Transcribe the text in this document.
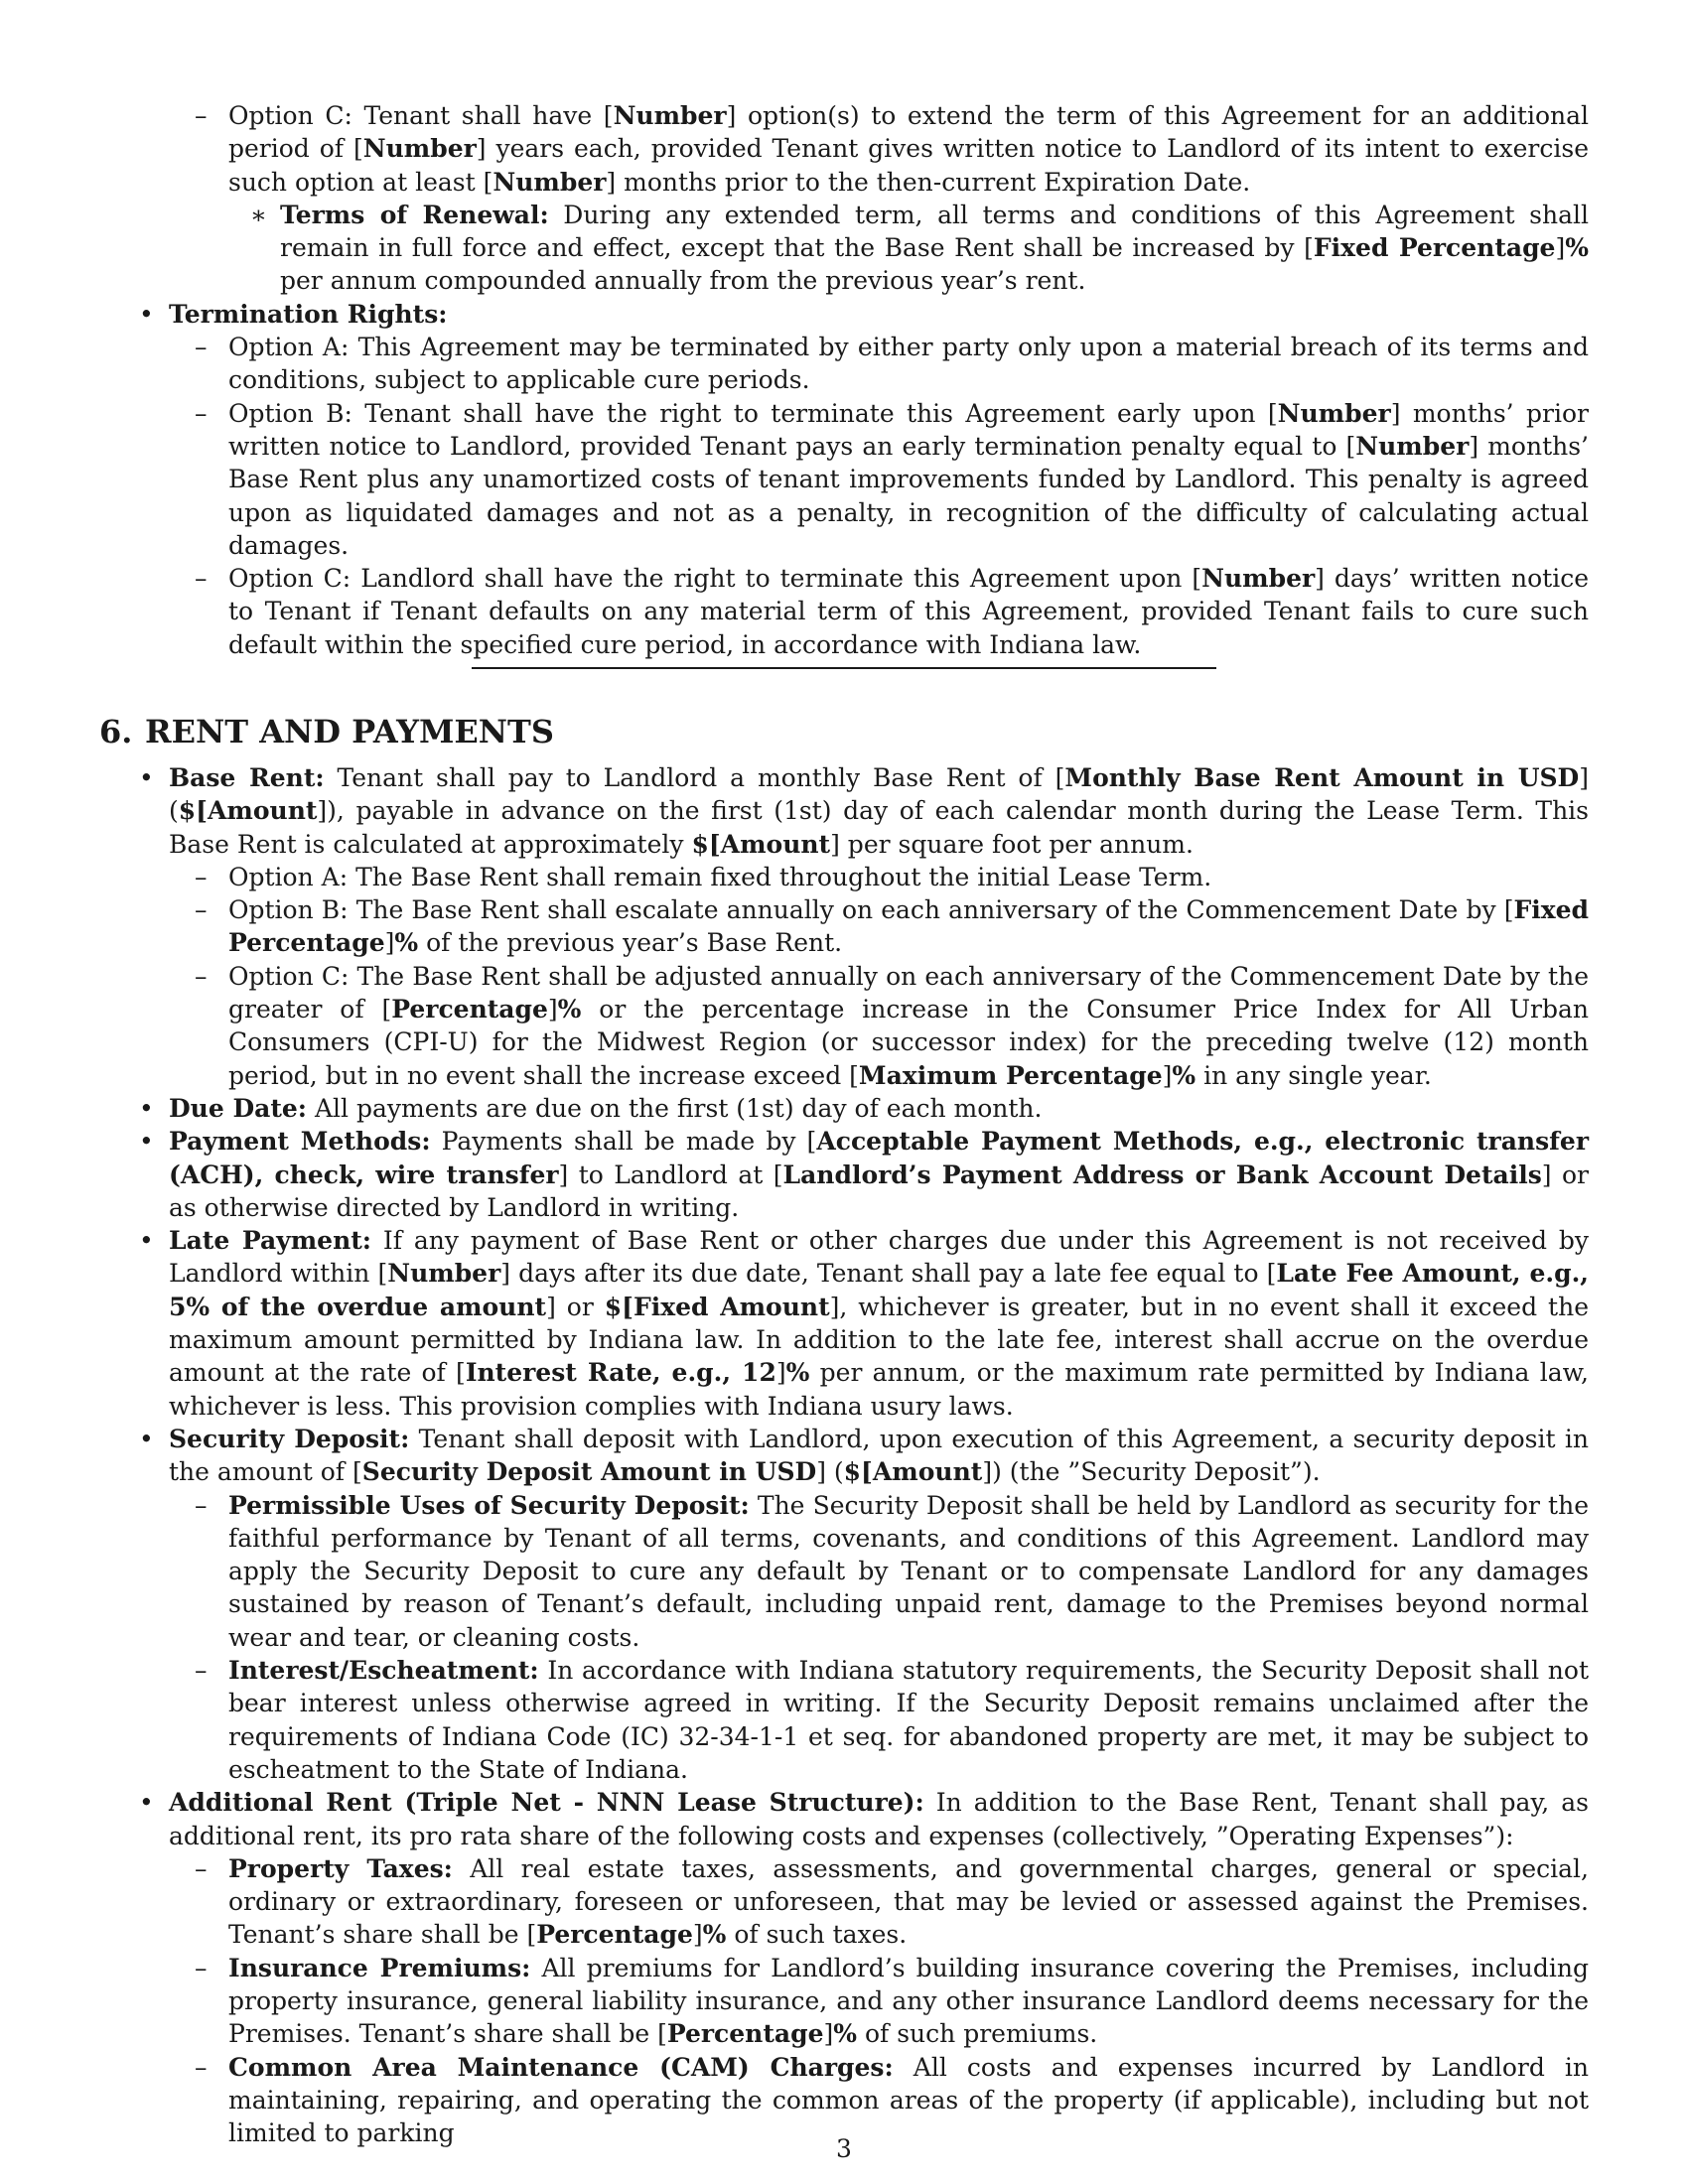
– Option C: Tenant shall have [Number] option(s) to extend the term of this Agreement for an additional period of [Number] years each, provided Tenant gives written notice to Landlord of its intent to exercise such option at least [Number] months prior to the then-current Expiration Date.
∗ Terms of Renewal: During any extended term, all terms and conditions of this Agreement shall remain in full force and effect, except that the Base Rent shall be increased by [Fixed Percentage]% per annum compounded annually from the previous year’s rent.
• Termination Rights:
– Option A: This Agreement may be terminated by either party only upon a material breach of its terms and conditions, subject to applicable cure periods.
– Option B: Tenant shall have the right to terminate this Agreement early upon [Number] months’ prior written notice to Landlord, provided Tenant pays an early termination penalty equal to [Number] months’ Base Rent plus any unamortized costs of tenant improvements funded by Landlord. This penalty is agreed upon as liquidated damages and not as a penalty, in recognition of the difficulty of calculating actual damages.
– Option C: Landlord shall have the right to terminate this Agreement upon [Number] days’ written notice to Tenant if Tenant defaults on any material term of this Agreement, provided Tenant fails to cure such default within the specified cure period, in accordance with Indiana law.
6. RENT AND PAYMENTS
• Base Rent: Tenant shall pay to Landlord a monthly Base Rent of [Monthly Base Rent Amount in USD] ($[Amount]), payable in advance on the first (1st) day of each calendar month during the Lease Term. This Base Rent is calculated at approximately $[Amount] per square foot per annum.
– Option A: The Base Rent shall remain fixed throughout the initial Lease Term.
– Option B: The Base Rent shall escalate annually on each anniversary of the Commencement Date by [Fixed Percentage]% of the previous year’s Base Rent.
– Option C: The Base Rent shall be adjusted annually on each anniversary of the Commencement Date by the greater of [Percentage]% or the percentage increase in the Consumer Price Index for All Urban Consumers (CPI-U) for the Midwest Region (or successor index) for the preceding twelve (12) month period, but in no event shall the increase exceed [Maximum Percentage]% in any single year.
• Due Date: All payments are due on the first (1st) day of each month.
• Payment Methods: Payments shall be made by [Acceptable Payment Methods, e.g., electronic transfer (ACH), check, wire transfer] to Landlord at [Landlord’s Payment Address or Bank Account Details] or as otherwise directed by Landlord in writing.
• Late Payment: If any payment of Base Rent or other charges due under this Agreement is not received by Landlord within [Number] days after its due date, Tenant shall pay a late fee equal to [Late Fee Amount, e.g., 5% of the overdue amount] or $[Fixed Amount], whichever is greater, but in no event shall it exceed the maximum amount permitted by Indiana law. In addition to the late fee, interest shall accrue on the overdue amount at the rate of [Interest Rate, e.g., 12]% per annum, or the maximum rate permitted by Indiana law, whichever is less. This provision complies with Indiana usury laws.
• Security Deposit: Tenant shall deposit with Landlord, upon execution of this Agreement, a security deposit in the amount of [Security Deposit Amount in USD] ($[Amount]) (the ”Security Deposit”).
– Permissible Uses of Security Deposit: The Security Deposit shall be held by Landlord as security for the faithful performance by Tenant of all terms, covenants, and conditions of this Agreement. Landlord may apply the Security Deposit to cure any default by Tenant or to compensate Landlord for any damages sustained by reason of Tenant’s default, including unpaid rent, damage to the Premises beyond normal wear and tear, or cleaning costs.
– Interest/Escheatment: In accordance with Indiana statutory requirements, the Security Deposit shall not bear interest unless otherwise agreed in writing. If the Security Deposit remains unclaimed after the requirements of Indiana Code (IC) 32-34-1-1 et seq. for abandoned property are met, it may be subject to escheatment to the State of Indiana.
• Additional Rent (Triple Net - NNN Lease Structure): In addition to the Base Rent, Tenant shall pay, as additional rent, its pro rata share of the following costs and expenses (collectively, ”Operating Expenses”):
– Property Taxes: All real estate taxes, assessments, and governmental charges, general or special, ordinary or extraordinary, foreseen or unforeseen, that may be levied or assessed against the Premises. Tenant’s share shall be [Percentage]% of such taxes.
– Insurance Premiums: All premiums for Landlord’s building insurance covering the Premises, including property insurance, general liability insurance, and any other insurance Landlord deems necessary for the Premises. Tenant’s share shall be [Percentage]% of such premiums.
– Common Area Maintenance (CAM) Charges: All costs and expenses incurred by Landlord in maintaining, repairing, and operating the common areas of the property (if applicable), including but not limited to parking
3
